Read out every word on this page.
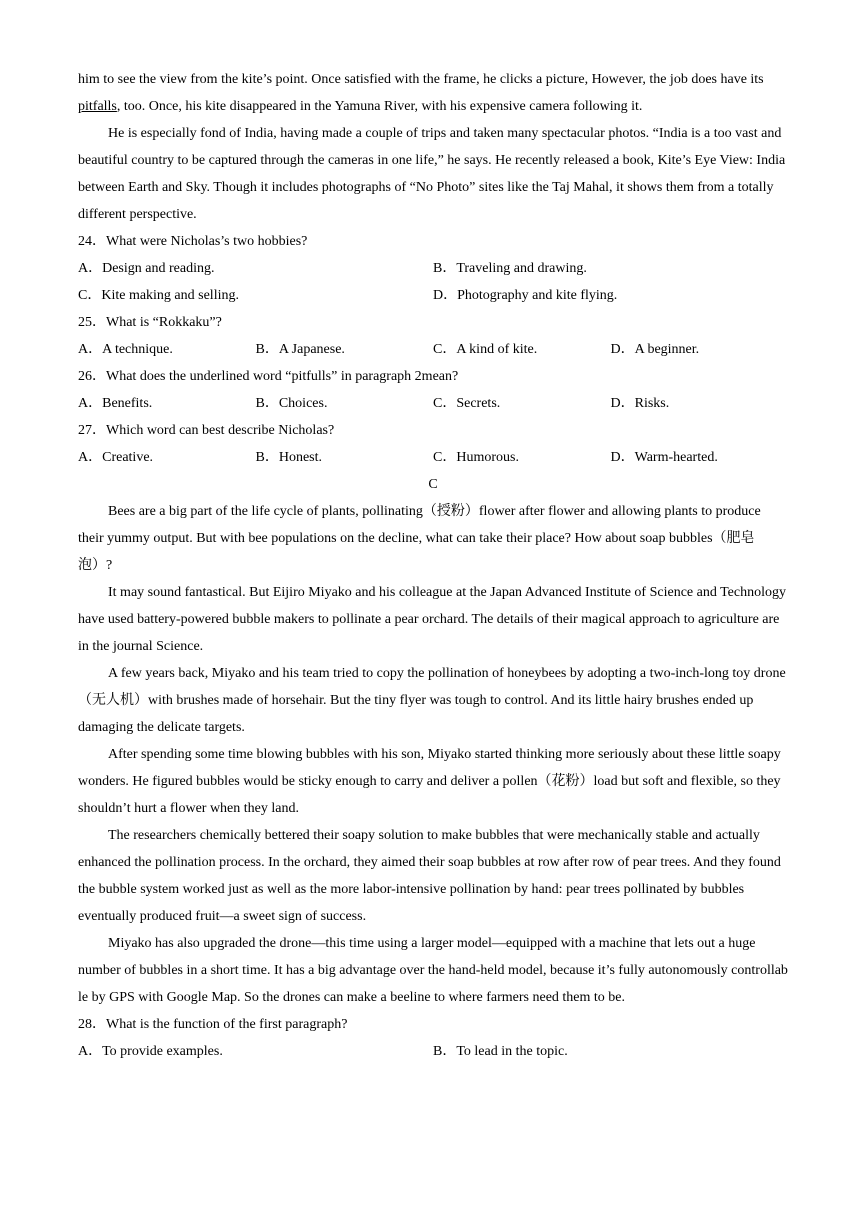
him to see the view from the kite’s point. Once satisfied with the frame, he clicks a picture, However, the job does have its pitfalls, too. Once, his kite disappeared in the Yamuna River, with his expensive camera following it.
He is especially fond of India, having made a couple of trips and taken many spectacular photos. “India is a too vast and beautiful country to be captured through the cameras in one life,” he says. He recently released a book, Kite’s Eye View: India between Earth and Sky. Though it includes photographs of “No Photo” sites like the Taj Mahal, it shows them from a totally different perspective.
24．What were Nicholas’s two hobbies?
A．Design and reading.	B．Traveling and drawing.
C．Kite making and selling.	D．Photography and kite flying.
25．What is “Rokkaku”?
A．A technique.	B．A Japanese.	C．A kind of kite.	D．A beginner.
26．What does the underlined word “pitfulls” in paragraph 2mean?
A．Benefits.	B．Choices.	C．Secrets.	D．Risks.
27．Which word can best describe Nicholas?
A．Creative.	B．Honest.	C．Humorous.	D．Warm-hearted.
C
Bees are a big part of the life cycle of plants, pollinating（授粉）flower after flower and allowing plants to produce their yummy output. But with bee populations on the decline, what can take their place? How about soap bubbles（肥皂泡）?
It may sound fantastical. But Eijiro Miyako and his colleague at the Japan Advanced Institute of Science and Technology have used battery-powered bubble makers to pollinate a pear orchard. The details of their magical approach to agriculture are in the journal Science.
A few years back, Miyako and his team tried to copy the pollination of honeybees by adopting a two-inch-long toy drone（无人机）with brushes made of horsehair. But the tiny flyer was tough to control. And its little hairy brushes ended up damaging the delicate targets.
After spending some time blowing bubbles with his son, Miyako started thinking more seriously about these little soapy wonders. He figured bubbles would be sticky enough to carry and deliver a pollen（花粉）load but soft and flexible, so they shouldn’t hurt a flower when they land.
The researchers chemically bettered their soapy solution to make bubbles that were mechanically stable and actually enhanced the pollination process. In the orchard, they aimed their soap bubbles at row after row of pear trees. And they found the bubble system worked just as well as the more labor-intensive pollination by hand: pear trees pollinated by bubbles eventually produced fruit—a sweet sign of success.
Miyako has also upgraded the drone—this time using a larger model—equipped with a machine that lets out a huge number of bubbles in a short time. It has a big advantage over the hand-held model, because it’s fully autonomously controllab le by GPS with Google Map. So the drones can make a beeline to where farmers need them to be.
28．What is the function of the first paragraph?
A．To provide examples.	B．To lead in the topic.
